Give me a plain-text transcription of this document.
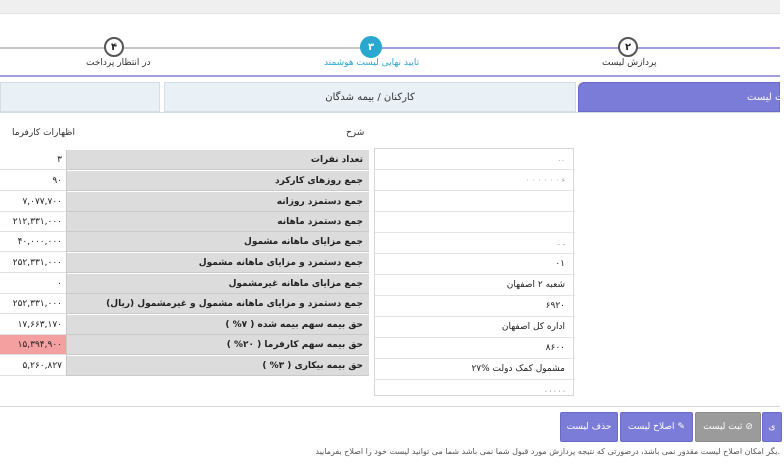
۴
در انتظار پرداخت
۳
تایید نهایی لیست هوشمند
۲
پردازش لیست
ت لیست
کارکنان / بیمه شدگان
شرح
اظهارات کارفرما
تعداد نفرات
۳
جمع روزهای کارکرد
۹۰
جمع دستمزد روزانه
۷,۰۷۷,۷۰۰
جمع دستمزد ماهانه
۲۱۲,۳۳۱,۰۰۰
جمع مزایای ماهانه مشمول
۴۰,۰۰۰,۰۰۰
جمع دستمزد و مزایای ماهانه مشمول
۲۵۲,۳۳۱,۰۰۰
جمع مزایای ماهانه غیرمشمول
۰
جمع دستمزد و مزایای ماهانه مشمول و غیرمشمول (ریال)
۲۵۲,۳۳۱,۰۰۰
حق بیمه سهم بیمه شده ( ۷% )
۱۷,۶۶۳,۱۷۰
حق بیمه سهم کارفرما ( ۲۰% )
۱۵,۳۹۴,۹۰۰
حق بیمه بیکاری ( ۳% )
۵,۲۶۰,۸۲۷
..
ء ۰ ۰ ۰ ۰ ۰ ۰
ـ ۔
۰۱
شعبه ۲ اصفهان
۶۹۲۰
اداره کل اصفهان
۸۶۰۰
۲۷% مشمول کمک دولت
، ، ، ، ،
ی
ثبت لیست ⊘
اصلاح لیست ✎
حذف لیست
یگر امکان اصلاح لیست مقدور نمی باشد، درصورتی که نتیجه پردازش مورد قبول شما نمی باشد شما می توانید لیست خود را اصلاح بفرمایید.
